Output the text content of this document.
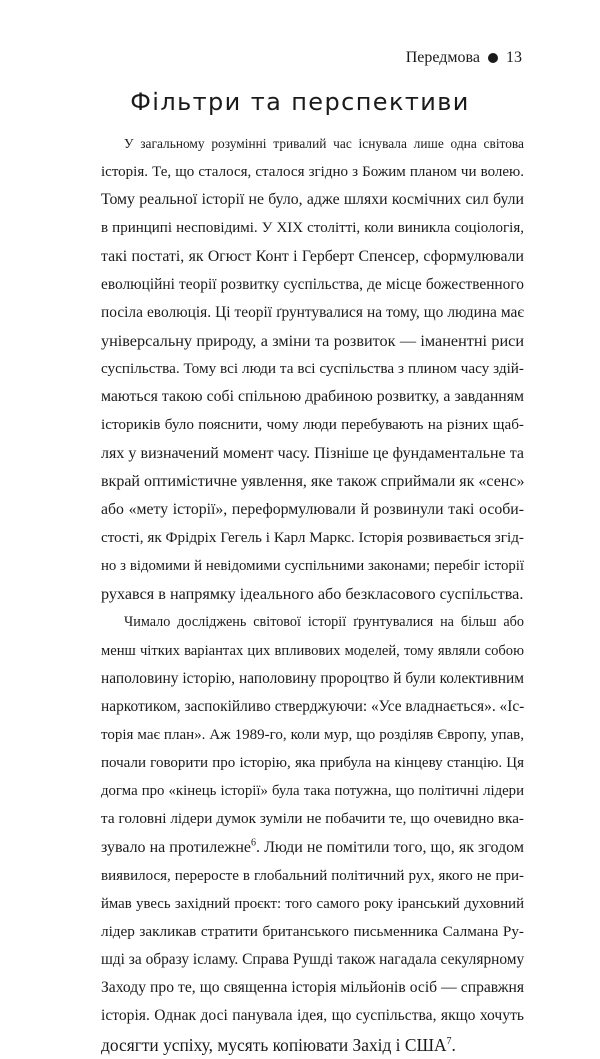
Передмова 13
Фільтри та перспективи
У загальному розумінні тривалий час існувала лише одна світова
історія. Те, що сталося, сталося згідно з Божим планом чи волею.
Тому реальної історії не було, адже шляхи космічних сил були
в принципі несповідимі. У XIX столітті, коли виникла соціологія,
такі постаті, як Огюст Конт і Герберт Спенсер, сформулювали
еволюційні теорії розвитку суспільства, де місце божественного
посіла еволюція. Ці теорії ґрунтувалися на тому, що людина має
універсальну природу, а зміни та розвиток — іманентні риси
суспільства. Тому всі люди та всі суспільства з плином часу здій-
маються такою собі спільною драбиною розвитку, а завданням
істориків було пояснити, чому люди перебувають на різних щаб-
лях у визначений момент часу. Пізніше це фундаментальне та
вкрай оптимістичне уявлення, яке також сприймали як «сенс»
або «мету історії», переформулювали й розвинули такі особи-
стості, як Фрідріх Гегель і Карл Маркс. Історія розвивається згід-
но з відомими й невідомими суспільними законами; перебіг історії
рухався в напрямку ідеального або безкласового суспільства.
Чимало досліджень світової історії ґрунтувалися на більш або
менш чітких варіантах цих впливових моделей, тому являли собою
наполовину історію, наполовину пророцтво й були колективним
наркотиком, заспокійливо стверджуючи: «Усе владнається». «Іс-
торія має план». Аж 1989-го, коли мур, що розділяв Європу, упав,
почали говорити про історію, яка прибула на кінцеву станцію. Ця
догма про «кінець історії» була така потужна, що політичні лідери
та головні лідери думок зуміли не побачити те, що очевидно вка-
зувало на протилежне$^6$. Люди не помітили того, що, як згодом
виявилося, переросте в глобальний політичний рух, якого не при-
ймав увесь західний проєкт: того самого року іранський духовний
лідер закликав стратити британського письменника Салмана Ру-
шді за образу ісламу. Справа Рушді також нагадала секулярному
Заходу про те, що священна історія мільйонів осіб — справжня
історія. Однак досі панувала ідея, що суспільства, якщо хочуть
досягти успіху, мусять копіювати Захід і США$^7$.
